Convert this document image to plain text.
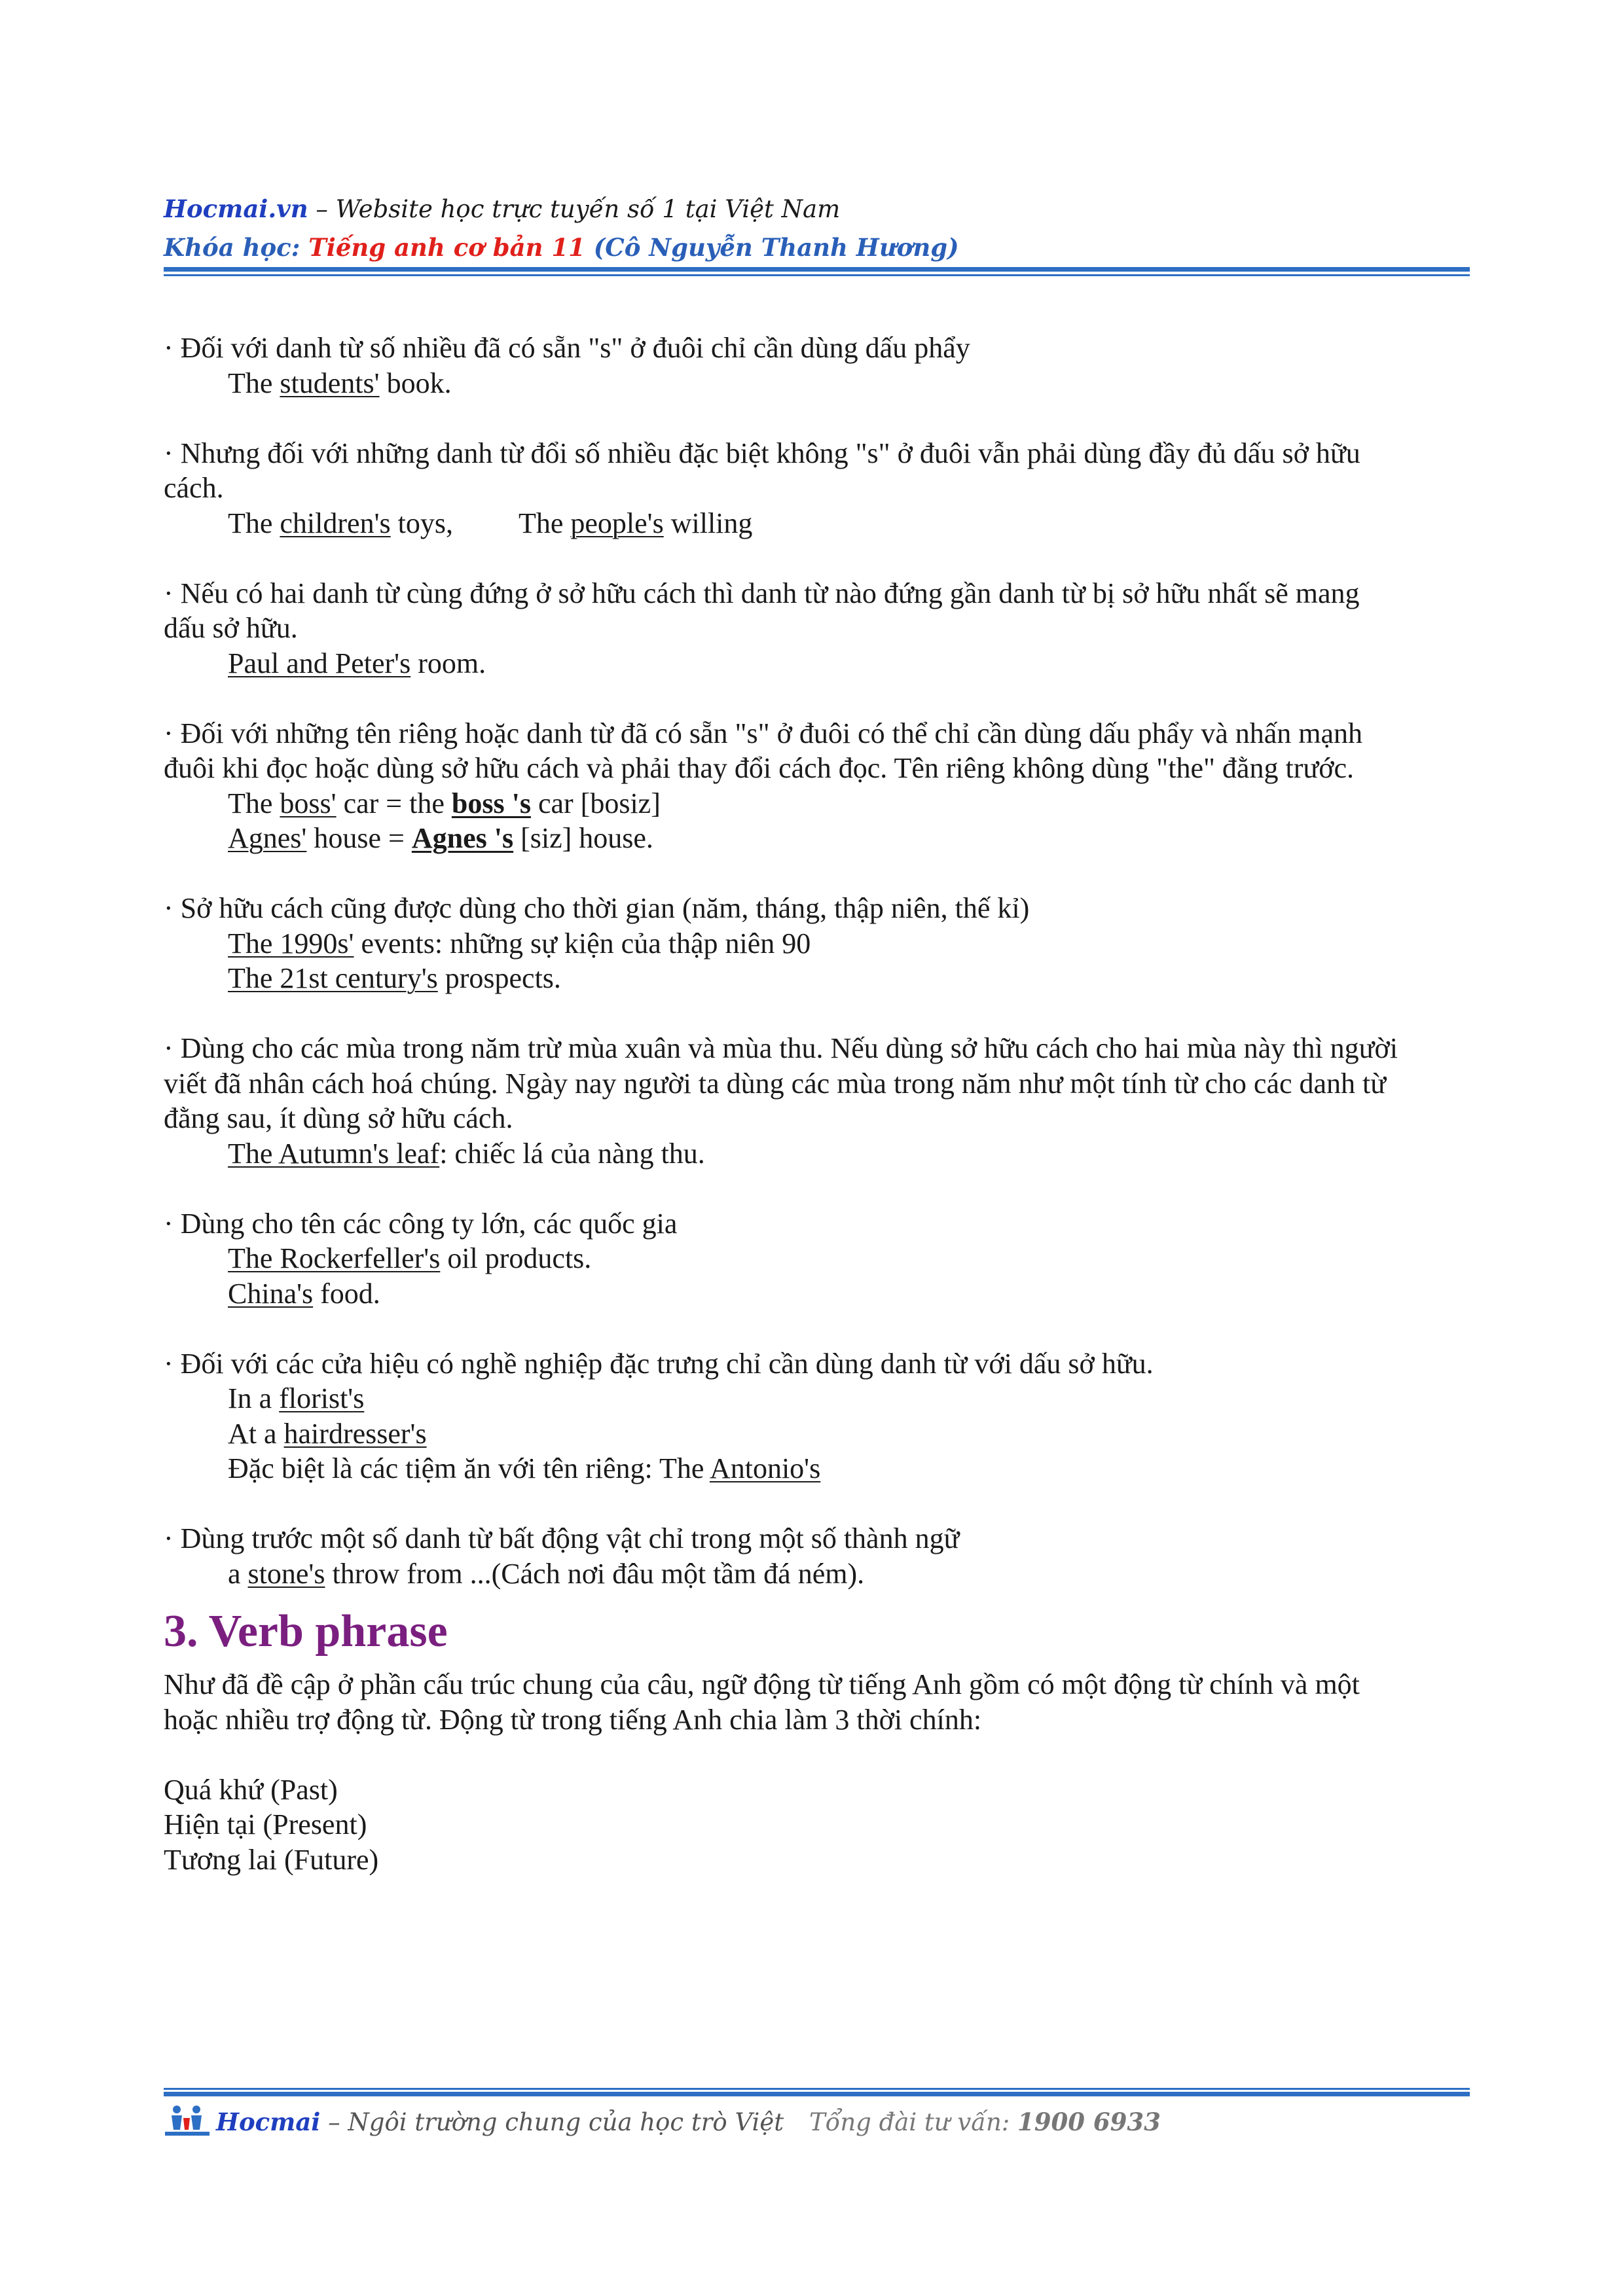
Hocmai.vn – Website học trực tuyến số 1 tại Việt Nam
Khóa học: Tiếng anh cơ bản 11 (Cô Nguyễn Thanh Hương)

· Đối với danh từ số nhiều đã có sẵn "s" ở đuôi chỉ cần dùng dấu phẩy

The students' book.

· Nhưng đối với những danh từ đổi số nhiều đặc biệt không "s" ở đuôi vẫn phải dùng đầy đủ dấu sở hữu

cách.

The children's toys, The people's willing

· Nếu có hai danh từ cùng đứng ở sở hữu cách thì danh từ nào đứng gần danh từ bị sở hữu nhất sẽ mang

dấu sở hữu.

Paul and Peter's room.

· Đối với những tên riêng hoặc danh từ đã có sẵn "s" ở đuôi có thể chỉ cần dùng dấu phẩy và nhấn mạnh

đuôi khi đọc hoặc dùng sở hữu cách và phải thay đổi cách đọc. Tên riêng không dùng "the" đằng trước.

The boss' car = the boss 's car [bosiz]

Agnes' house = Agnes 's [siz] house.

· Sở hữu cách cũng được dùng cho thời gian (năm, tháng, thập niên, thế kỉ)

The 1990s' events: những sự kiện của thập niên 90

The 21st century's prospects.

· Dùng cho các mùa trong năm trừ mùa xuân và mùa thu. Nếu dùng sở hữu cách cho hai mùa này thì người

viết đã nhân cách hoá chúng. Ngày nay người ta dùng các mùa trong năm như một tính từ cho các danh từ

đằng sau, ít dùng sở hữu cách.

The Autumn's leaf: chiếc lá của nàng thu.

· Dùng cho tên các công ty lớn, các quốc gia

The Rockerfeller's oil products.

China's food.

· Đối với các cửa hiệu có nghề nghiệp đặc trưng chỉ cần dùng danh từ với dấu sở hữu.

In a florist's

At a hairdresser's

Đặc biệt là các tiệm ăn với tên riêng: The Antonio's

· Dùng trước một số danh từ bất động vật chỉ trong một số thành ngữ

a stone's throw from ...(Cách nơi đâu một tầm đá ném).

3. Verb phrase

Như đã đề cập ở phần cấu trúc chung của câu, ngữ động từ tiếng Anh gồm có một động từ chính và một

hoặc nhiều trợ động từ. Động từ trong tiếng Anh chia làm 3 thời chính:

Quá khứ (Past)

Hiện tại (Present)

Tương lai (Future)

Hocmai – Ngôi trường chung của học trò Việt Tổng đài tư vấn: 1900 6933
